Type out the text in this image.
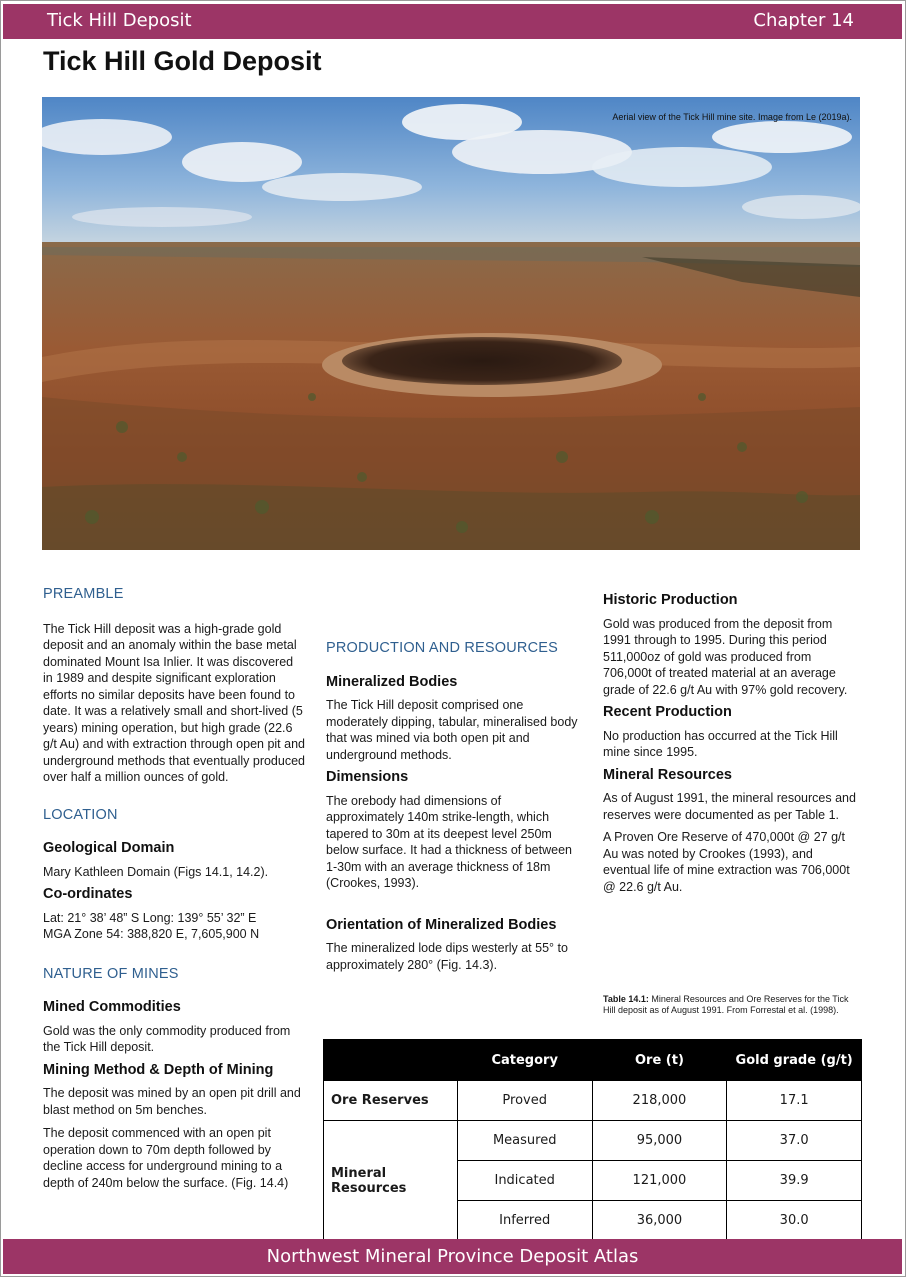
Tick Hill Deposit	Chapter 14
Tick Hill Gold Deposit
Aerial view of the Tick Hill mine site. Image from Le (2019a).

PREAMBLE

The Tick Hill deposit was a high-grade gold deposit and an anomaly within the base metal dominated Mount Isa Inlier. It was discovered in 1989 and despite significant exploration efforts no similar deposits have been found to date. It was a relatively small and short-lived (5 years) mining operation, but high grade (22.6 g/t Au) and with extraction through open pit and underground methods that eventually produced over half a million ounces of gold.

LOCATION

Geological Domain

Mary Kathleen Domain (Figs 14.1, 14.2).

Co-ordinates

Lat: 21° 38’ 48” S Long: 139° 55’ 32” E

MGA Zone 54: 388,820 E, 7,605,900 N

NATURE OF MINES

Mined Commodities

Gold was the only commodity produced from the Tick Hill deposit.

Mining Method & Depth of Mining

The deposit was mined by an open pit drill and blast method on 5m benches.

The deposit commenced with an open pit operation down to 70m depth followed by decline access for underground mining to a depth of 240m below the surface. (Fig. 14.4)

PRODUCTION AND RESOURCES

Mineralized Bodies

The Tick Hill deposit comprised one moderately dipping, tabular, mineralised body that was mined via both open pit and underground methods.

Dimensions

The orebody had dimensions of approximately 140m strike-length, which tapered to 30m at its deepest level 250m below surface. It had a thickness of between 1-30m with an average thickness of 18m (Crookes, 1993).

Orientation of Mineralized Bodies

The mineralized lode dips westerly at 55° to approximately 280° (Fig. 14.3).

Historic Production

Gold was produced from the deposit from 1991 through to 1995. During this period 511,000oz of gold was produced from 706,000t of treated material at an average grade of 22.6 g/t Au with 97% gold recovery.

Recent Production

No production has occurred at the Tick Hill mine since 1995.

Mineral Resources

As of August 1991, the mineral resources and reserves were documented as per Table 1.

A Proven Ore Reserve of 470,000t @ 27 g/t Au was noted by Crookes (1993), and eventual life of mine extraction was 706,000t @ 22.6 g/t Au.

Table 14.1: Mineral Resources and Ore Reserves for the Tick Hill deposit as of August 1991. From Forrestal et al. (1998).
	Category	Ore (t)	Gold grade (g/t)
Ore Reserves	Proved	218,000	17.1
Mineral Resources	Measured	95,000	37.0
	Indicated	121,000	39.9
	Inferred	36,000	30.0
Northwest Mineral Province Deposit Atlas
